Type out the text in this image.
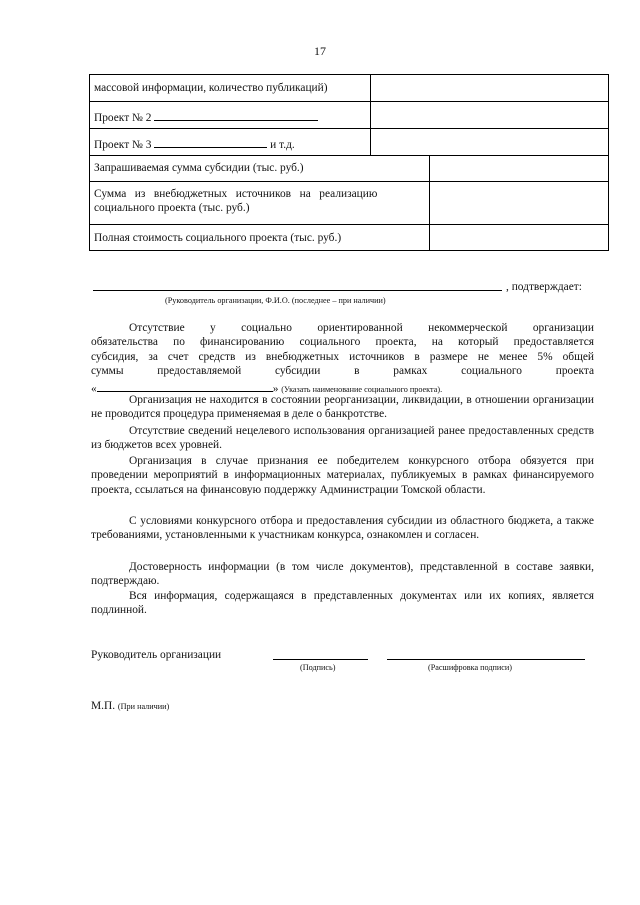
17
массовой информации, количество публикаций)
Проект № 2
Проект № 3	и т.д.
Запрашиваемая сумма субсидии (тыс. руб.)
Сумма   из   внебюджетных   источников   на   реализацию
социального проекта (тыс. руб.)
Полная стоимость социального проекта (тыс. руб.)
, подтверждает:
(Руководитель организации, Ф.И.О. (последнее – при наличии)
Отсутствие у социально ориентированной некоммерческой организации
обязательства по финансированию социального проекта, на который предоставляется
субсидия, за счет средств из внебюджетных источников в размере не менее 5% общей
суммы предоставляемой субсидии в рамках социального проекта
«	» (Указать наименование социального проекта).
Организация не находится в состоянии реорганизации, ликвидации, в отношении организации не проводится процедура применяемая в деле о банкротстве.
Отсутствие сведений нецелевого использования организацией ранее предоставленных средств из бюджетов всех уровней.
Организация в случае признания ее победителем конкурсного отбора обязуется при проведении мероприятий в информационных материалах, публикуемых в рамках финансируемого проекта, ссылаться на финансовую поддержку Администрации Томской области.
С условиями конкурсного отбора и предоставления субсидии из областного бюджета, а также требованиями, установленными к участникам конкурса, ознакомлен и согласен.
Достоверность информации (в том числе документов), представленной в составе заявки, подтверждаю.
Вся информация, содержащаяся в представленных документах или их копиях, является подлинной.
Руководитель организации
(Подпись)	(Расшифровка подписи)
М.П. (При наличии)
